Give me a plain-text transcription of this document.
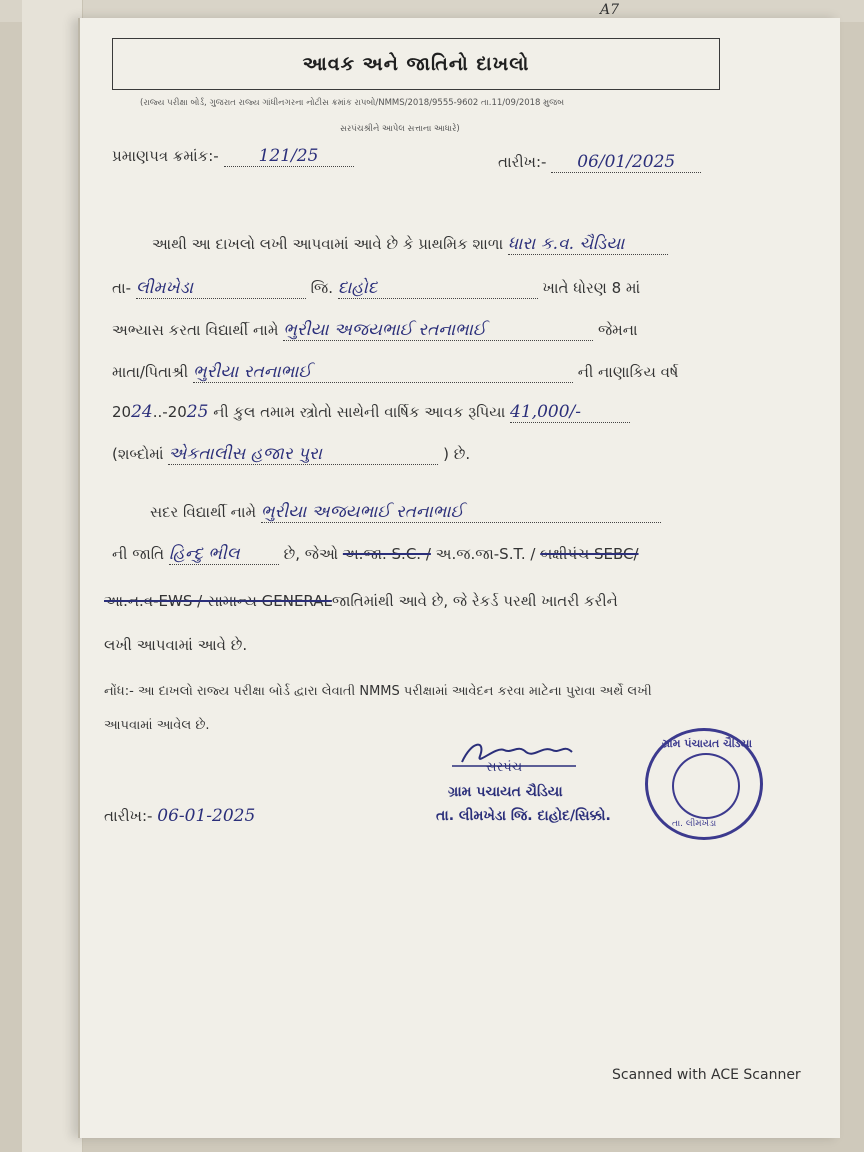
A7
આવક અને જાતિનો દાખલો
(રાજ્ય પરીક્ષા બોર્ડ, ગુજરાત રાજ્ય ગાંધીનગરના નોટીસ ક્રમાંક રાપબો/NMMS/2018/9555-9602 તા.11/09/2018 મુજબ
સરપંચશ્રીને આપેલ સત્તાના આધારે)
પ્રમાણપત્ર ક્રમાંક:- 121/25	તારીખ:- 06/01/2025
આથી આ દાખલો લખી આપવામાં આવે છે કે પ્રાથમિક શાળા ધારા ક.વ. ચૈડિયા
તા- લીમખેડા	જિ. દાહોદ	ખાતે ધોરણ 8 માં
અભ્યાસ કરતા વિદ્યાર્થી નામે ભુરીયા અજયભાઈ રતનાભાઈ	જેમના
માતા/પિતાશ્રી ભુરીયા રતનાભાઈ	ની નાણાકિય વર્ષ
2024..-2025 ની કુલ તમામ સ્ત્રોતો સાથેની વાર્ષિક આવક રૂપિયા 41,000/-
(શબ્દોમાં એકતાલીસ હજાર પુરા	) છે.
સદર વિદ્યાર્થી નામે ભુરીયા અજયભાઈ રતનાભાઈ
ની જાતિ હિન્દુ ભીલ	છે, જેઓ અ.જા. S.C. / અ.જ.જા-S.T. / બક્ષીપંચ SEBC/
આ.ન.વ-EWS / સામાન્ય GENERALજાતિમાંથી આવે છે, જે રેકર્ડ પરથી ખાતરી કરીને
લખી આપવામાં આવે છે.
નોંધ:- આ દાખલો રાજ્ય પરીક્ષા બોર્ડ દ્વારા લેવાતી NMMS પરીક્ષામાં આવેદન કરવા માટેના પુરાવા અર્થે લખી
આપવામાં આવેલ છે.
સરપંચ
ગ્રામ પચાયત ચૈડિયા
તા. લીમખેડા જિ. દાહોદ/સિક્કો.
તારીખ:- 06-01-2025
ગ્રામ પંચાયત ચૈડિયા
તા. લીમખેડા
Scanned with ACE Scanner
